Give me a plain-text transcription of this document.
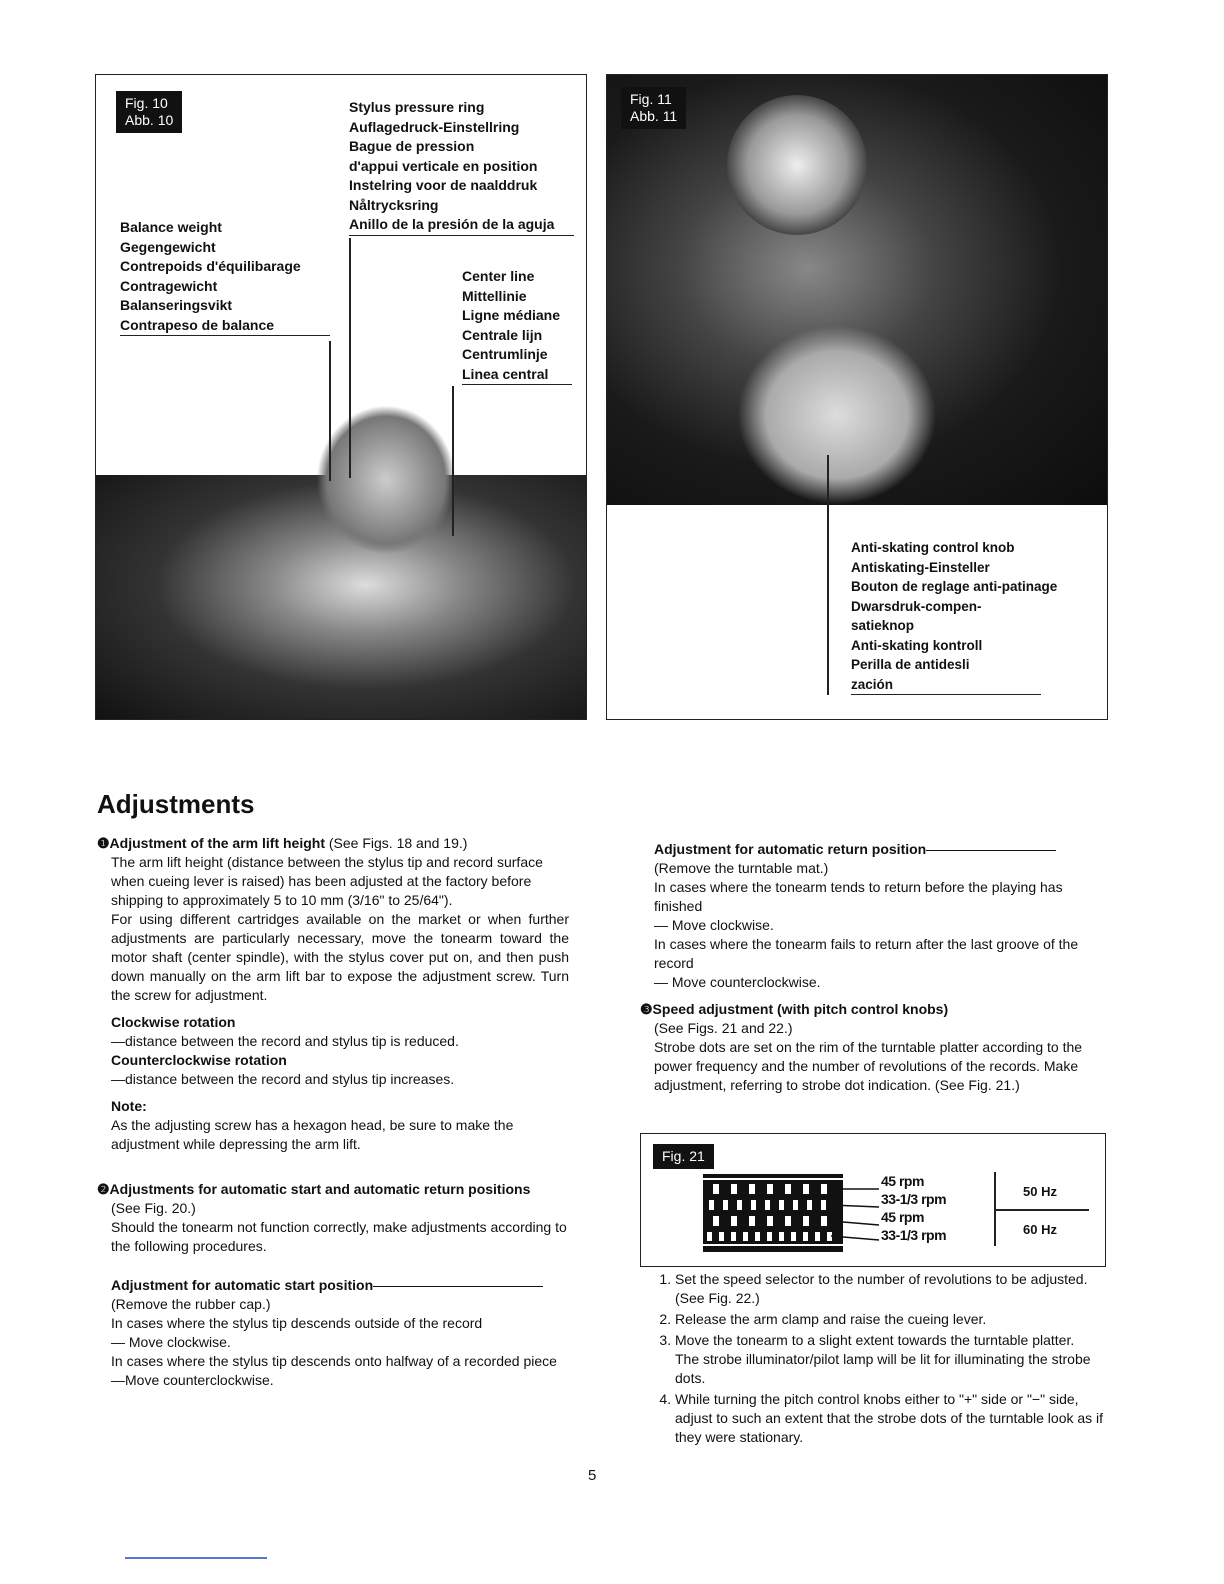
Fig. 10
Abb. 10
Stylus pressure ring
Auflagedruck-Einstellring
Bague de pression
d'appui verticale en position
Instelring voor de naalddruk
Nåltrycksring
Anillo de la presión de la aguja
Balance weight
Gegengewicht
Contrepoids d'équilibarage
Contragewicht
Balanseringsvikt
Contrapeso de balance
Center line
Mittellinie
Ligne médiane
Centrale lijn
Centrumlinje
Linea central
Fig. 11
Abb. 11
Anti-skating control knob
Antiskating-Einsteller
Bouton de reglage anti-patinage
Dwarsdruk-compen-
satieknop
Anti-skating kontroll
Perilla de antidesli
zación
Adjustments

❶Adjustment of the arm lift height (See Figs. 18 and 19.)

The arm lift height (distance between the stylus tip and record surface when cueing lever is raised) has been adjusted at the factory before shipping to approximately 5 to 10 mm (3/16" to 25/64").

For using different cartridges available on the market or when further adjustments are particularly necessary, move the tonearm toward the motor shaft (center spindle), with the stylus cover put on, and then push down manually on the arm lift bar to expose the adjustment screw. Turn the screw for adjustment.

Clockwise rotation

—distance between the record and stylus tip is reduced.

Counterclockwise rotation

—distance between the record and stylus tip increases.

Note:

As the adjusting screw has a hexagon head, be sure to make the adjustment while depressing the arm lift.

❷Adjustments for automatic start and automatic return positions

(See Fig. 20.)

Should the tonearm not function correctly, make adjustments according to the following procedures.

Adjustment for automatic start position

(Remove the rubber cap.)

In cases where the stylus tip descends outside of the record

— Move clockwise.

In cases where the stylus tip descends onto halfway of a recorded piece

—Move counterclockwise.

Adjustment for automatic return position

(Remove the turntable mat.)

In cases where the tonearm tends to return before the playing has finished

— Move clockwise.

In cases where the tonearm fails to return after the last groove of the record

— Move counterclockwise.

❸Speed adjustment (with pitch control knobs)

(See Figs. 21 and 22.)

Strobe dots are set on the rim of the turntable platter according to the power frequency and the number of revolutions of the records. Make adjustment, referring to strobe dot indication. (See Fig. 21.)

Fig. 21
45 rpm
33-1/3 rpm
45 rpm
33-1/3 rpm
50 Hz
60 Hz
1. Set the speed selector to the number of revolutions to be adjusted. (See Fig. 22.)
2. Release the arm clamp and raise the cueing lever.
3. Move the tonearm to a slight extent towards the turntable platter.
The strobe illuminator/pilot lamp will be lit for illuminating the strobe dots.
4. While turning the pitch control knobs either to "+" side or "−" side, adjust to such an extent that the strobe dots of the turntable look as if they were stationary.
5
